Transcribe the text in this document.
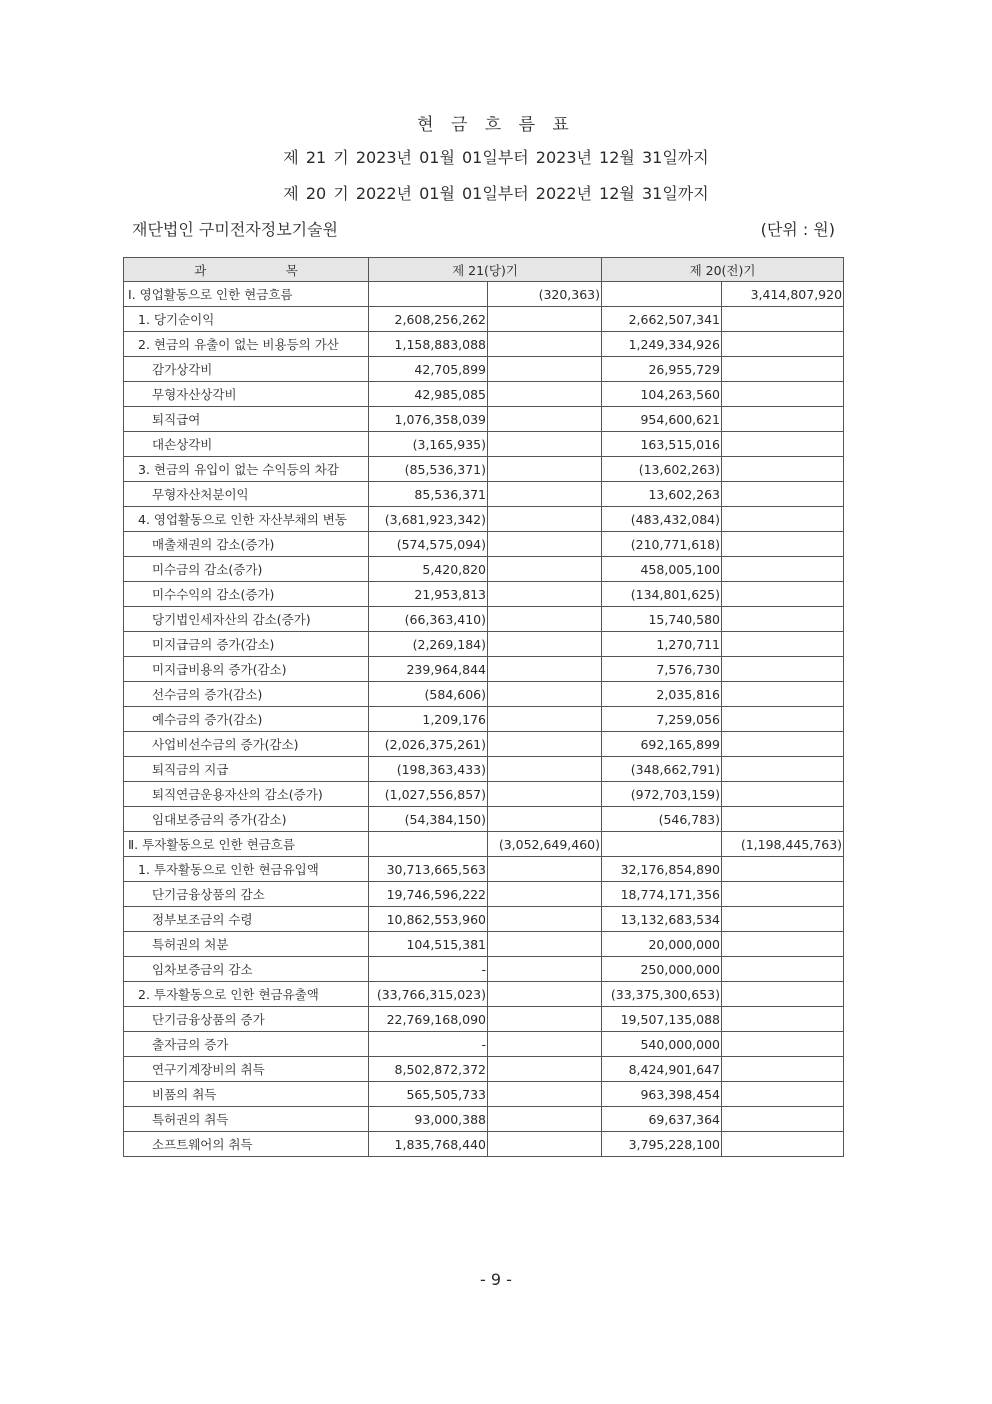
현 금 흐 름 표
제 21 기 2023년 01월 01일부터 2023년 12월 31일까지
제 20 기 2022년 01월 01일부터 2022년 12월 31일까지
재단법인 구미전자정보기술원	(단위 : 원)
과                    목	제 21(당)기		제 20(전)기	
Ⅰ. 영업활동으로 인한 현금흐름		(320,363)		3,414,807,920
1. 당기순이익	2,608,256,262		2,662,507,341	
2. 현금의 유출이 없는 비용등의 가산	1,158,883,088		1,249,334,926	
감가상각비	42,705,899		26,955,729	
무형자산상각비	42,985,085		104,263,560	
퇴직급여	1,076,358,039		954,600,621	
대손상각비	(3,165,935)		163,515,016	
3. 현금의 유입이 없는 수익등의 차감	(85,536,371)		(13,602,263)	
무형자산처분이익	85,536,371		13,602,263	
4. 영업활동으로 인한 자산부채의 변동	(3,681,923,342)		(483,432,084)	
매출채권의 감소(증가)	(574,575,094)		(210,771,618)	
미수금의 감소(증가)	5,420,820		458,005,100	
미수수익의 감소(증가)	21,953,813		(134,801,625)	
당기법인세자산의 감소(증가)	(66,363,410)		15,740,580	
미지급금의 증가(감소)	(2,269,184)		1,270,711	
미지급비용의 증가(감소)	239,964,844		7,576,730	
선수금의 증가(감소)	(584,606)		2,035,816	
예수금의 증가(감소)	1,209,176		7,259,056	
사업비선수금의 증가(감소)	(2,026,375,261)		692,165,899	
퇴직금의 지급	(198,363,433)		(348,662,791)	
퇴직연금운용자산의 감소(증가)	(1,027,556,857)		(972,703,159)	
임대보증금의 증가(감소)	(54,384,150)		(546,783)	
Ⅱ. 투자활동으로 인한 현금흐름		(3,052,649,460)		(1,198,445,763)
1. 투자활동으로 인한 현금유입액	30,713,665,563		32,176,854,890	
단기금융상품의 감소	19,746,596,222		18,774,171,356	
정부보조금의 수령	10,862,553,960		13,132,683,534	
특허권의 처분	104,515,381		20,000,000	
임차보증금의 감소	-		250,000,000	
2. 투자활동으로 인한 현금유출액	(33,766,315,023)		(33,375,300,653)	
단기금융상품의 증가	22,769,168,090		19,507,135,088	
출자금의 증가	-		540,000,000	
연구기계장비의 취득	8,502,872,372		8,424,901,647	
비품의 취득	565,505,733		963,398,454	
특허권의 취득	93,000,388		69,637,364	
소프트웨어의 취득	1,835,768,440		3,795,228,100	
- 9 -
